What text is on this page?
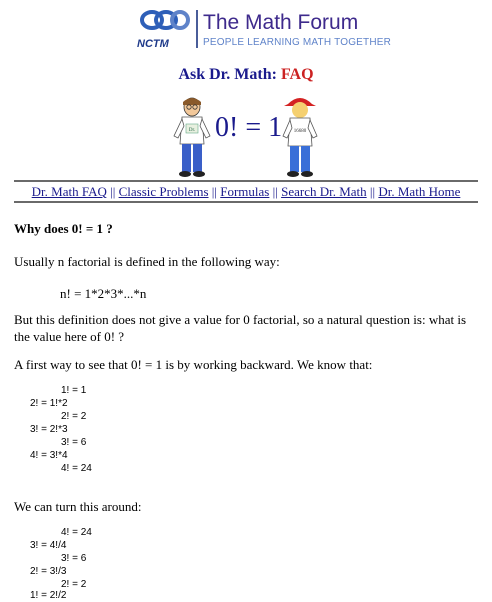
NCTM
The Math Forum
PEOPLE LEARNING MATH TOGETHER
Ask Dr. Math: FAQ
Dr. 0! = 1 16680
Dr. Math FAQ || Classic Problems || Formulas || Search Dr. Math || Dr. Math Home
Why does 0! = 1 ?
Usually n factorial is defined in the following way:
n! = 1*2*3*...*n
But this definition does not give a value for 0 factorial, so a natural question is: what is the value here of 0! ?
A first way to see that 0! = 1 is by working backward. We know that:
1! = 1
2! = 1!*2
2! = 2
3! = 2!*3
3! = 6
4! = 3!*4
4! = 24
We can turn this around:
4! = 24
3! = 4!/4
3! = 6
2! = 3!/3
2! = 2
1! = 2!/2
